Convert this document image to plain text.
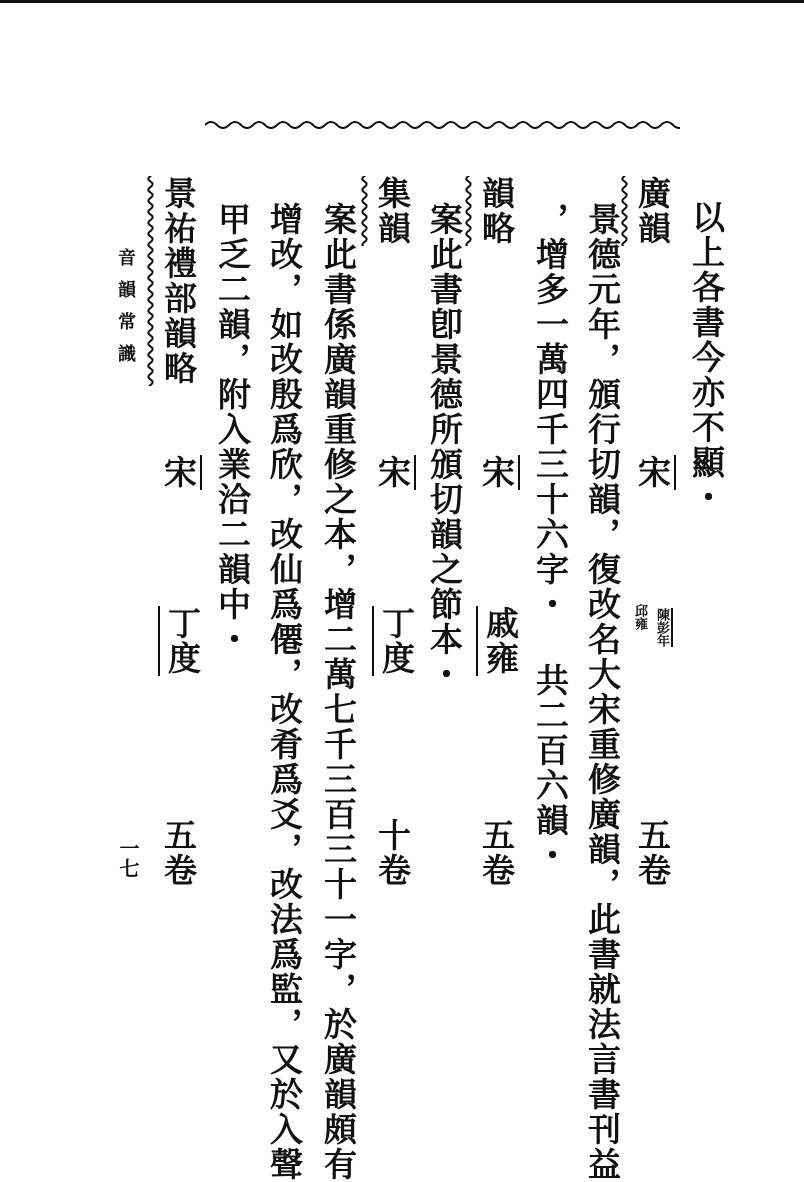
以上各書今亦不顯・
廣韻
宋
陳彭年
邱雍
五卷
景德元年，頒行切韻，復改名大宋重修廣韻，此書就法言書刊益
，增多一萬四千三十六字・ 共二百六韻・
韻略
宋
戚雍
五卷
案此書卽景德所頒切韻之節本・
集韻
宋
丁度
十卷
案此書係廣韻重修之本，增二萬七千三百三十一字，於廣韻頗有
增改，如改殷爲欣，改仙爲僊，改肴爲爻，改法爲監，又於入聲
甲乏二韻，附入業洽二韻中・
景祐禮部韻略
宋
丁度
五卷
音韻常識
一七
